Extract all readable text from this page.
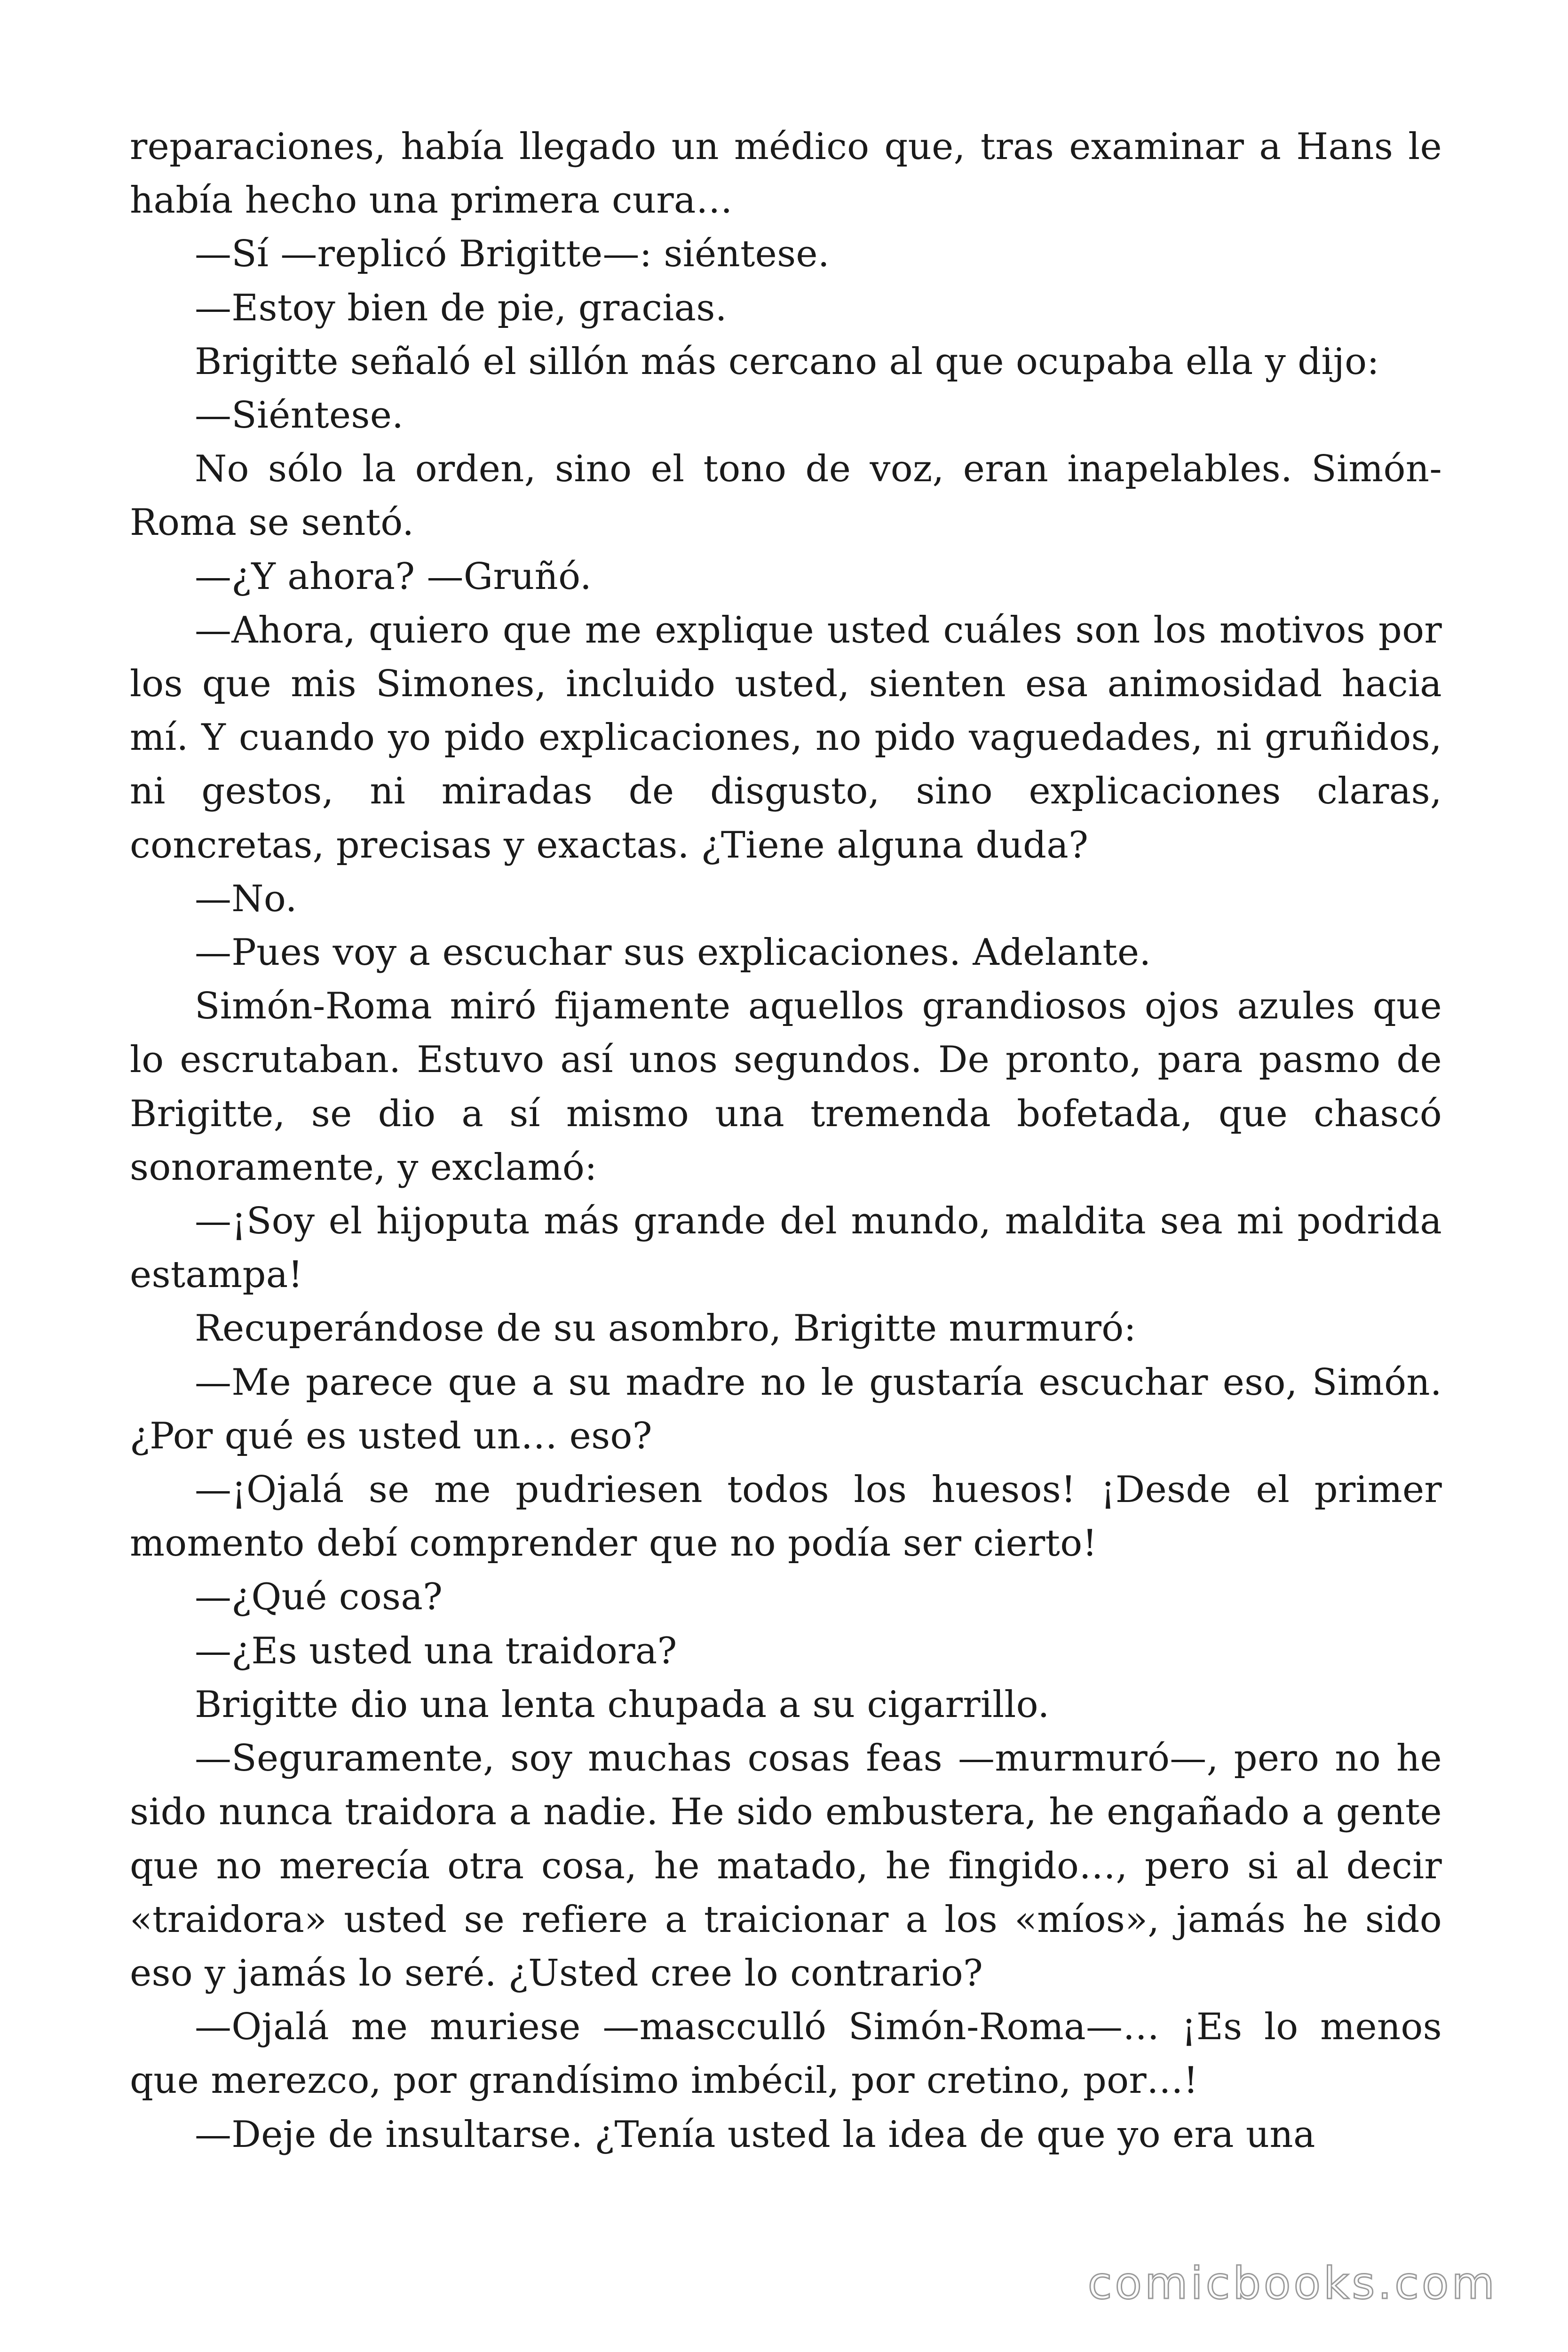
reparaciones, había llegado un médico que, tras examinar a Hans le había hecho una primera cura…

—Sí —replicó Brigitte—: siéntese.

—Estoy bien de pie, gracias.

Brigitte señaló el sillón más cercano al que ocupaba ella y dijo:

—Siéntese.

No sólo la orden, sino el tono de voz, eran inapelables. Simón-Roma se sentó.

—¿Y ahora? —Gruñó.

—Ahora, quiero que me explique usted cuáles son los motivos por los que mis Simones, incluido usted, sienten esa animosidad hacia mí. Y cuando yo pido explicaciones, no pido vaguedades, ni gruñidos, ni gestos, ni miradas de disgusto, sino explicaciones claras, concretas, precisas y exactas. ¿Tiene alguna duda?

—No.

—Pues voy a escuchar sus explicaciones. Adelante.

Simón-Roma miró fijamente aquellos grandiosos ojos azules que lo escrutaban. Estuvo así unos segundos. De pronto, para pasmo de Brigitte, se dio a sí mismo una tremenda bofetada, que chascó sonoramente, y exclamó:

—¡Soy el hijoputa más grande del mundo, maldita sea mi podrida estampa!

Recuperándose de su asombro, Brigitte murmuró:

—Me parece que a su madre no le gustaría escuchar eso, Simón. ¿Por qué es usted un… eso?

—¡Ojalá se me pudriesen todos los huesos! ¡Desde el primer momento debí comprender que no podía ser cierto!

—¿Qué cosa?

—¿Es usted una traidora?

Brigitte dio una lenta chupada a su cigarrillo.

—Seguramente, soy muchas cosas feas —murmuró—, pero no he sido nunca traidora a nadie. He sido embustera, he engañado a gente que no merecía otra cosa, he matado, he fingido…, pero si al decir «traidora» usted se refiere a traicionar a los «míos», jamás he sido eso y jamás lo seré. ¿Usted cree lo contrario?

—Ojalá me muriese —mascculló Simón-Roma—… ¡Es lo menos que merezco, por grandísimo imbécil, por cretino, por…!

—Deje de insultarse. ¿Tenía usted la idea de que yo era una

comicbooks.com
